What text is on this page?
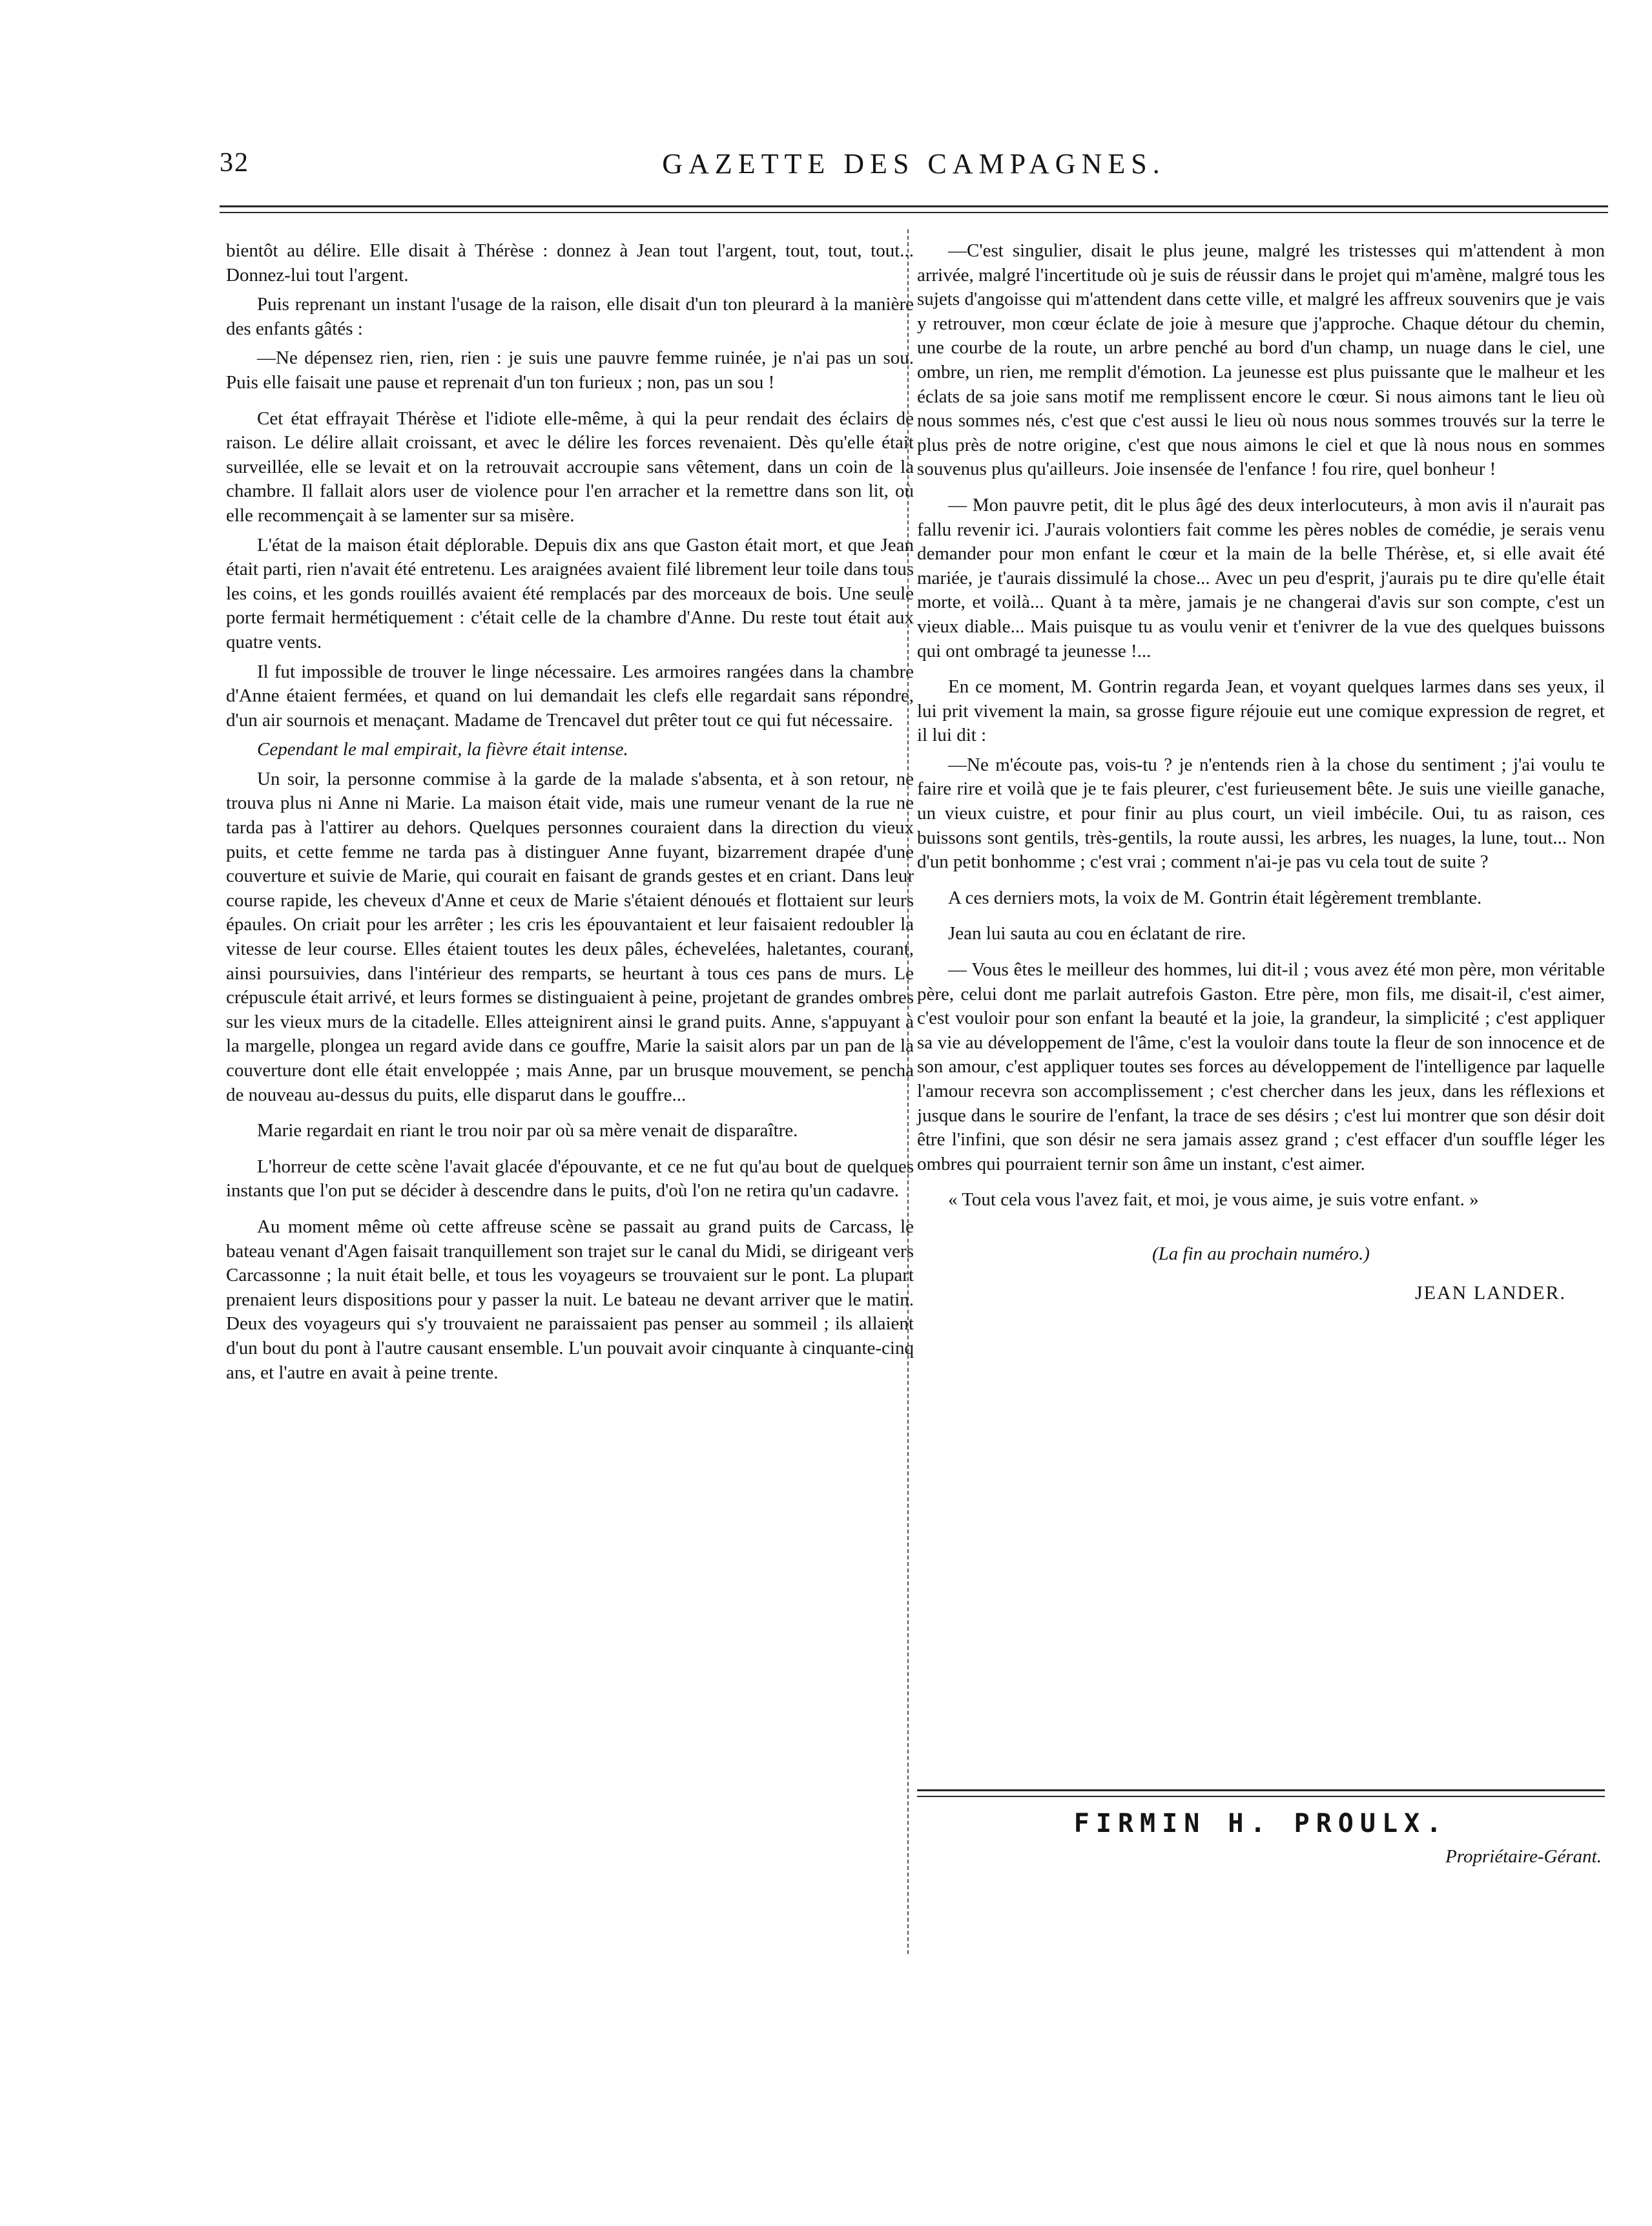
32	GAZETTE DES CAMPAGNES.

bientôt au délire. Elle disait à Thérèse : donnez à Jean tout l'argent, tout, tout, tout... Donnez-lui tout l'argent.

Puis reprenant un instant l'usage de la raison, elle disait d'un ton pleurard à la manière des enfants gâtés :

—Ne dépensez rien, rien, rien : je suis une pauvre femme ruinée, je n'ai pas un sou. Puis elle faisait une pause et reprenait d'un ton furieux ; non, pas un sou !

Cet état effrayait Thérèse et l'idiote elle-même, à qui la peur rendait des éclairs de raison. Le délire allait croissant, et avec le délire les forces revenaient. Dès qu'elle était surveillée, elle se levait et on la retrouvait accroupie sans vêtement, dans un coin de la chambre. Il fallait alors user de violence pour l'en arracher et la remettre dans son lit, où elle recommençait à se lamenter sur sa misère.

L'état de la maison était déplorable. Depuis dix ans que Gaston était mort, et que Jean était parti, rien n'avait été entretenu. Les araignées avaient filé librement leur toile dans tous les coins, et les gonds rouillés avaient été remplacés par des morceaux de bois. Une seule porte fermait hermétiquement : c'était celle de la chambre d'Anne. Du reste tout était aux quatre vents.

Il fut impossible de trouver le linge nécessaire. Les armoires rangées dans la chambre d'Anne étaient fermées, et quand on lui demandait les clefs elle regardait sans répondre, d'un air sournois et menaçant. Madame de Trencavel dut prêter tout ce qui fut nécessaire.

Cependant le mal empirait, la fièvre était intense.

Un soir, la personne commise à la garde de la malade s'absenta, et à son retour, ne trouva plus ni Anne ni Marie. La maison était vide, mais une rumeur venant de la rue ne tarda pas à l'attirer au dehors. Quelques personnes couraient dans la direction du vieux puits, et cette femme ne tarda pas à distinguer Anne fuyant, bizarrement drapée d'une couverture et suivie de Marie, qui courait en faisant de grands gestes et en criant. Dans leur course rapide, les cheveux d'Anne et ceux de Marie s'étaient dénoués et flottaient sur leurs épaules. On criait pour les arrêter ; les cris les épouvantaient et leur faisaient redoubler la vitesse de leur course. Elles étaient toutes les deux pâles, échevelées, haletantes, courant, ainsi poursuivies, dans l'intérieur des remparts, se heurtant à tous ces pans de murs. Le crépuscule était arrivé, et leurs formes se distinguaient à peine, projetant de grandes ombres sur les vieux murs de la citadelle. Elles atteignirent ainsi le grand puits. Anne, s'appuyant à la margelle, plongea un regard avide dans ce gouffre, Marie la saisit alors par un pan de la couverture dont elle était enveloppée ; mais Anne, par un brusque mouvement, se pencha de nouveau au-dessus du puits, elle disparut dans le gouffre...

Marie regardait en riant le trou noir par où sa mère venait de disparaître.

L'horreur de cette scène l'avait glacée d'épouvante, et ce ne fut qu'au bout de quelques instants que l'on put se décider à descendre dans le puits, d'où l'on ne retira qu'un cadavre.

Au moment même où cette affreuse scène se passait au grand puits de Carcass, le bateau venant d'Agen faisait tranquillement son trajet sur le canal du Midi, se dirigeant vers Carcassonne ; la nuit était belle, et tous les voyageurs se trouvaient sur le pont. La plupart prenaient leurs dispositions pour y passer la nuit. Le bateau ne devant arriver que le matin. Deux des voyageurs qui s'y trouvaient ne paraissaient pas penser au sommeil ; ils allaient d'un bout du pont à l'autre causant ensemble. L'un pouvait avoir cinquante à cinquante-cinq ans, et l'autre en avait à peine trente.

—C'est singulier, disait le plus jeune, malgré les tristesses qui m'attendent à mon arrivée, malgré l'incertitude où je suis de réussir dans le projet qui m'amène, malgré tous les sujets d'angoisse qui m'attendent dans cette ville, et malgré les affreux souvenirs que je vais y retrouver, mon cœur éclate de joie à mesure que j'approche. Chaque détour du chemin, une courbe de la route, un arbre penché au bord d'un champ, un nuage dans le ciel, une ombre, un rien, me remplit d'émotion. La jeunesse est plus puissante que le malheur et les éclats de sa joie sans motif me remplissent encore le cœur. Si nous aimons tant le lieu où nous sommes nés, c'est que c'est aussi le lieu où nous nous sommes trouvés sur la terre le plus près de notre origine, c'est que nous aimons le ciel et que là nous nous en sommes souvenus plus qu'ailleurs. Joie insensée de l'enfance ! fou rire, quel bonheur !

— Mon pauvre petit, dit le plus âgé des deux interlocuteurs, à mon avis il n'aurait pas fallu revenir ici. J'aurais volontiers fait comme les pères nobles de comédie, je serais venu demander pour mon enfant le cœur et la main de la belle Thérèse, et, si elle avait été mariée, je t'aurais dissimulé la chose... Avec un peu d'esprit, j'aurais pu te dire qu'elle était morte, et voilà... Quant à ta mère, jamais je ne changerai d'avis sur son compte, c'est un vieux diable... Mais puisque tu as voulu venir et t'enivrer de la vue des quelques buissons qui ont ombragé ta jeunesse !...

En ce moment, M. Gontrin regarda Jean, et voyant quelques larmes dans ses yeux, il lui prit vivement la main, sa grosse figure réjouie eut une comique expression de regret, et il lui dit :

—Ne m'écoute pas, vois-tu ? je n'entends rien à la chose du sentiment ; j'ai voulu te faire rire et voilà que je te fais pleurer, c'est furieusement bête. Je suis une vieille ganache, un vieux cuistre, et pour finir au plus court, un vieil imbécile. Oui, tu as raison, ces buissons sont gentils, très-gentils, la route aussi, les arbres, les nuages, la lune, tout... Non d'un petit bonhomme ; c'est vrai ; comment n'ai-je pas vu cela tout de suite ?

A ces derniers mots, la voix de M. Gontrin était légèrement tremblante.

Jean lui sauta au cou en éclatant de rire.

— Vous êtes le meilleur des hommes, lui dit-il ; vous avez été mon père, mon véritable père, celui dont me parlait autrefois Gaston. Etre père, mon fils, me disait-il, c'est aimer, c'est vouloir pour son enfant la beauté et la joie, la grandeur, la simplicité ; c'est appliquer sa vie au développement de l'âme, c'est la vouloir dans toute la fleur de son innocence et de son amour, c'est appliquer toutes ses forces au développement de l'intelligence par laquelle l'amour recevra son accomplissement ; c'est chercher dans les jeux, dans les réflexions et jusque dans le sourire de l'enfant, la trace de ses désirs ; c'est lui montrer que son désir doit être l'infini, que son désir ne sera jamais assez grand ; c'est effacer d'un souffle léger les ombres qui pourraient ternir son âme un instant, c'est aimer.

« Tout cela vous l'avez fait, et moi, je vous aime, je suis votre enfant. »

(La fin au prochain numéro.)

JEAN LANDER.

FIRMIN H. PROULX.
Propriétaire-Gérant.
